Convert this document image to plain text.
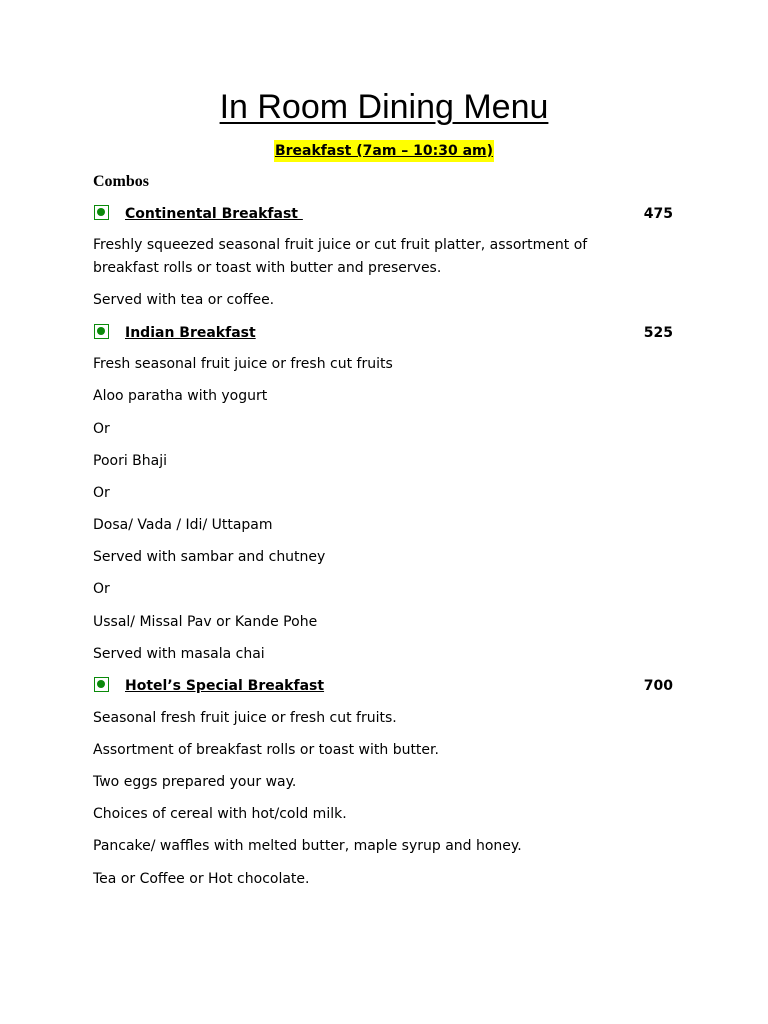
In Room Dining Menu
Breakfast (7am – 10:30 am)
Combos
Continental Breakfast	475
Freshly squeezed seasonal fruit juice or cut fruit platter, assortment of breakfast rolls or toast with butter and preserves.
Served with tea or coffee.
Indian Breakfast	525
Fresh seasonal fruit juice or fresh cut fruits
Aloo paratha with yogurt
Or
Poori Bhaji
Or
Dosa/ Vada / Idi/ Uttapam
Served with sambar and chutney
Or
Ussal/ Missal Pav or Kande Pohe
Served with masala chai
Hotel’s Special Breakfast	700
Seasonal fresh fruit juice or fresh cut fruits.
Assortment of breakfast rolls or toast with butter.
Two eggs prepared your way.
Choices of cereal with hot/cold milk.
Pancake/ waffles with melted butter, maple syrup and honey.
Tea or Coffee or Hot chocolate.
